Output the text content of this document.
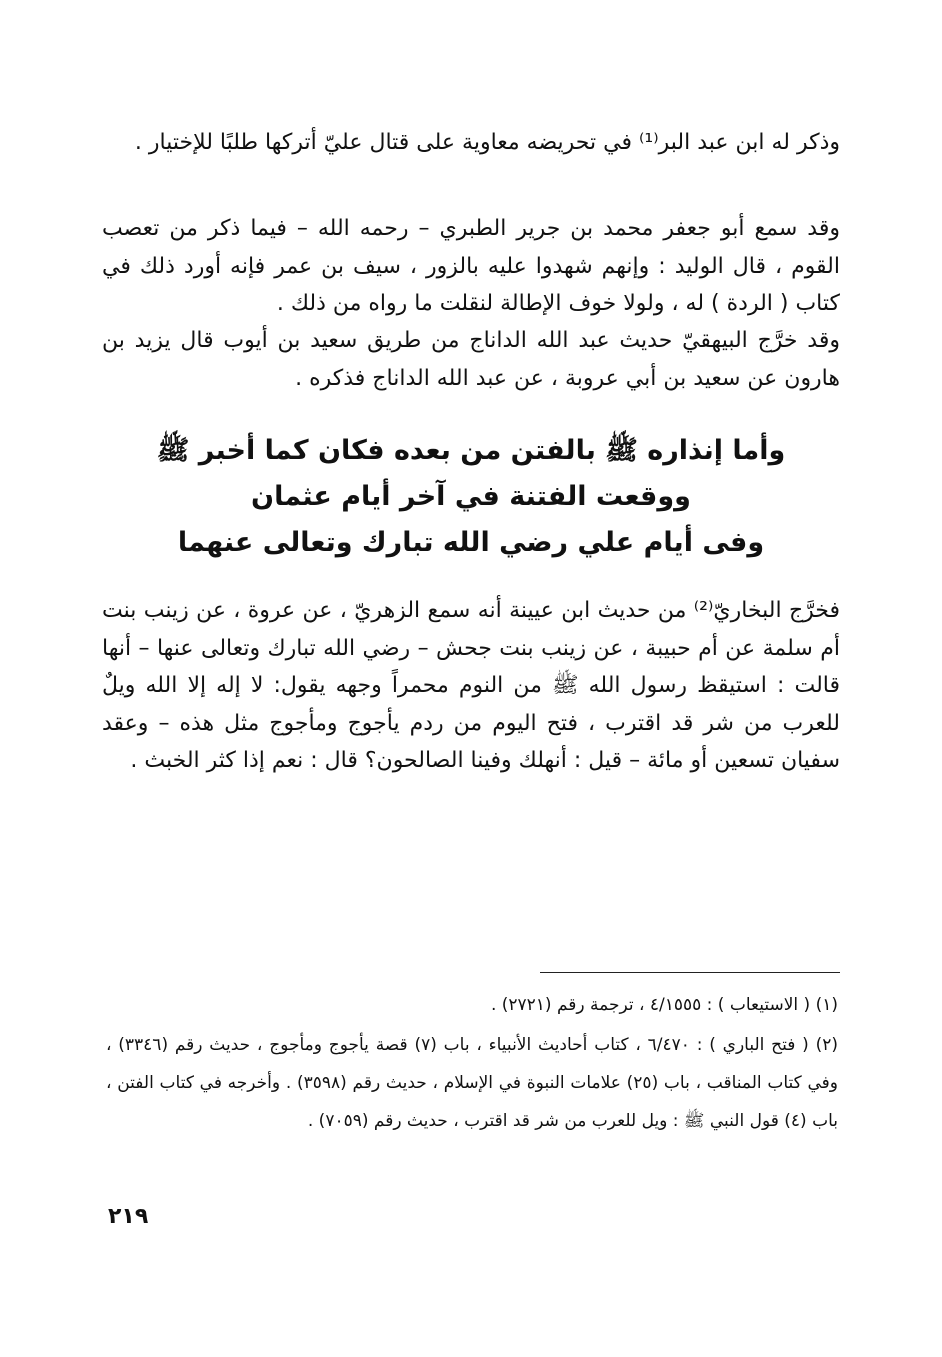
وذكر له ابن عبد البر⁽¹⁾ في تحريضه معاوية على قتال عليّ أتركها طلبًا للإختيار .
وقد سمع أبو جعفر محمد بن جرير الطبري – رحمه الله – فيما ذكر من تعصب القوم ، قال الوليد : وإنهم شهدوا عليه بالزور ، سيف بن عمر فإنه أورد ذلك في كتاب ( الردة ) له ، ولولا خوف الإطالة لنقلت ما رواه من ذلك .
وقد خرَّج البيهقيّ حديث عبد الله الداناج من طريق سعيد بن أيوب قال يزيد بن هارون عن سعيد بن أبي عروبة ، عن عبد الله الداناج فذكره .
وأما إنذاره ﷺ بالفتن من بعده فكان كما أخبر ﷺ
ووقعت الفتنة في آخر أيام عثمان
وفى أيام علي رضي الله تبارك وتعالى عنهما
فخرَّج البخاريّ⁽²⁾ من حديث ابن عيينة أنه سمع الزهريّ ، عن عروة ، عن زينب بنت أم سلمة عن أم حبيبة ، عن زينب بنت جحش – رضي الله تبارك وتعالى عنها – أنها قالت : استيقظ رسول الله ﷺ من النوم محمراً وجهه يقول: لا إله إلا الله ويلٌ للعرب من شر قد اقترب ، فتح اليوم من ردم يأجوج ومأجوج مثل هذه – وعقد سفيان تسعين أو مائة – قيل : أنهلك وفينا الصالحون؟ قال : نعم إذا كثر الخبث .
(١) ( الاستيعاب ) : ٤/١٥٥٥ ، ترجمة رقم (٢٧٢١) .
(٢) ( فتح الباري ) : ٦/٤٧٠ ، كتاب أحاديث الأنبياء ، باب (٧) قصة يأجوج ومأجوج ، حديث رقم (٣٣٤٦) ، وفي كتاب المناقب ، باب (٢٥) علامات النبوة في الإسلام ، حديث رقم (٣٥٩٨) . وأخرجه في كتاب الفتن ، باب (٤) قول النبي ﷺ : ويل للعرب من شر قد اقترب ، حديث رقم (٧٠٥٩) .
٢١٩
